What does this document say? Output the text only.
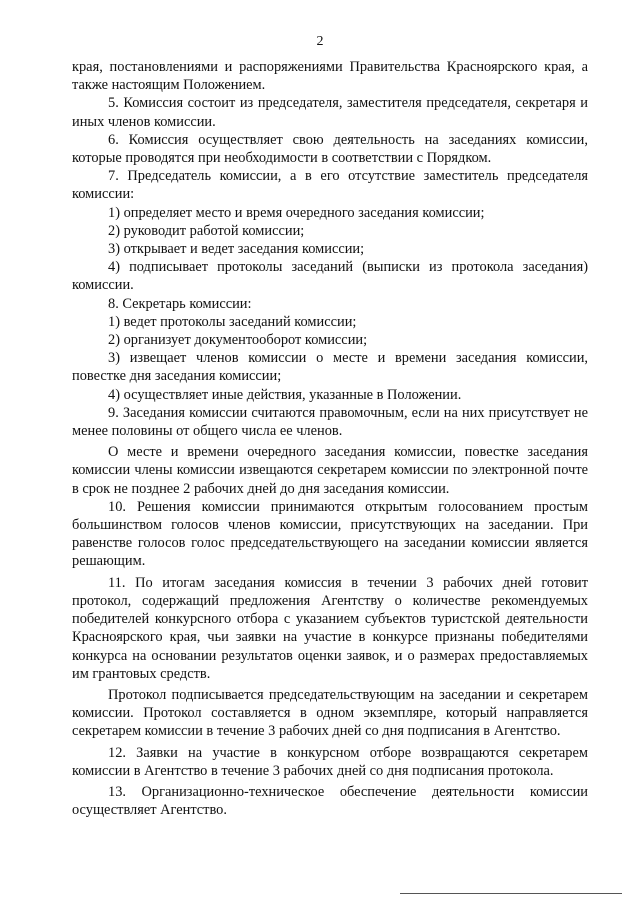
2

края, постановлениями и распоряжениями Правительства Красноярского края, а также настоящим Положением.

5. Комиссия состоит из председателя, заместителя председателя, секретаря и иных членов комиссии.

6. Комиссия осуществляет свою деятельность на заседаниях комиссии, которые проводятся при необходимости в соответствии с Порядком.

7. Председатель комиссии, а в его отсутствие заместитель председателя комиссии:

1) определяет место и время очередного заседания комиссии;

2) руководит работой комиссии;

3) открывает и ведет заседания комиссии;

4) подписывает протоколы заседаний (выписки из протокола заседания) комиссии.

8. Секретарь комиссии:

1) ведет протоколы заседаний комиссии;

2) организует документооборот комиссии;

3) извещает членов комиссии о месте и времени заседания комиссии, повестке дня заседания комиссии;

4) осуществляет иные действия, указанные в Положении.

9. Заседания комиссии считаются правомочным, если на них присутствует не менее половины от общего числа ее членов.

О месте и времени очередного заседания комиссии, повестке заседания комиссии члены комиссии извещаются секретарем комиссии по электронной почте в срок не позднее 2 рабочих дней до дня заседания комиссии.

10. Решения комиссии принимаются открытым голосованием простым большинством голосов членов комиссии, присутствующих на заседании. При равенстве голосов голос председательствующего на заседании комиссии является решающим.

11. По итогам заседания комиссия в течении 3 рабочих дней готовит протокол, содержащий предложения Агентству о количестве рекомендуемых победителей конкурсного отбора с указанием субъектов туристской деятельности Красноярского края, чьи заявки на участие в конкурсе признаны победителями конкурса на основании результатов оценки заявок, и о размерах предоставляемых им грантовых средств.

Протокол подписывается председательствующим на заседании и секретарем комиссии. Протокол составляется в одном экземпляре, который направляется секретарем комиссии в течение 3 рабочих дней со дня подписания в Агентство.

12. Заявки на участие в конкурсном отборе возвращаются секретарем комиссии в Агентство в течение 3 рабочих дней со дня подписания протокола.

13. Организационно-техническое обеспечение деятельности комиссии осуществляет Агентство.
